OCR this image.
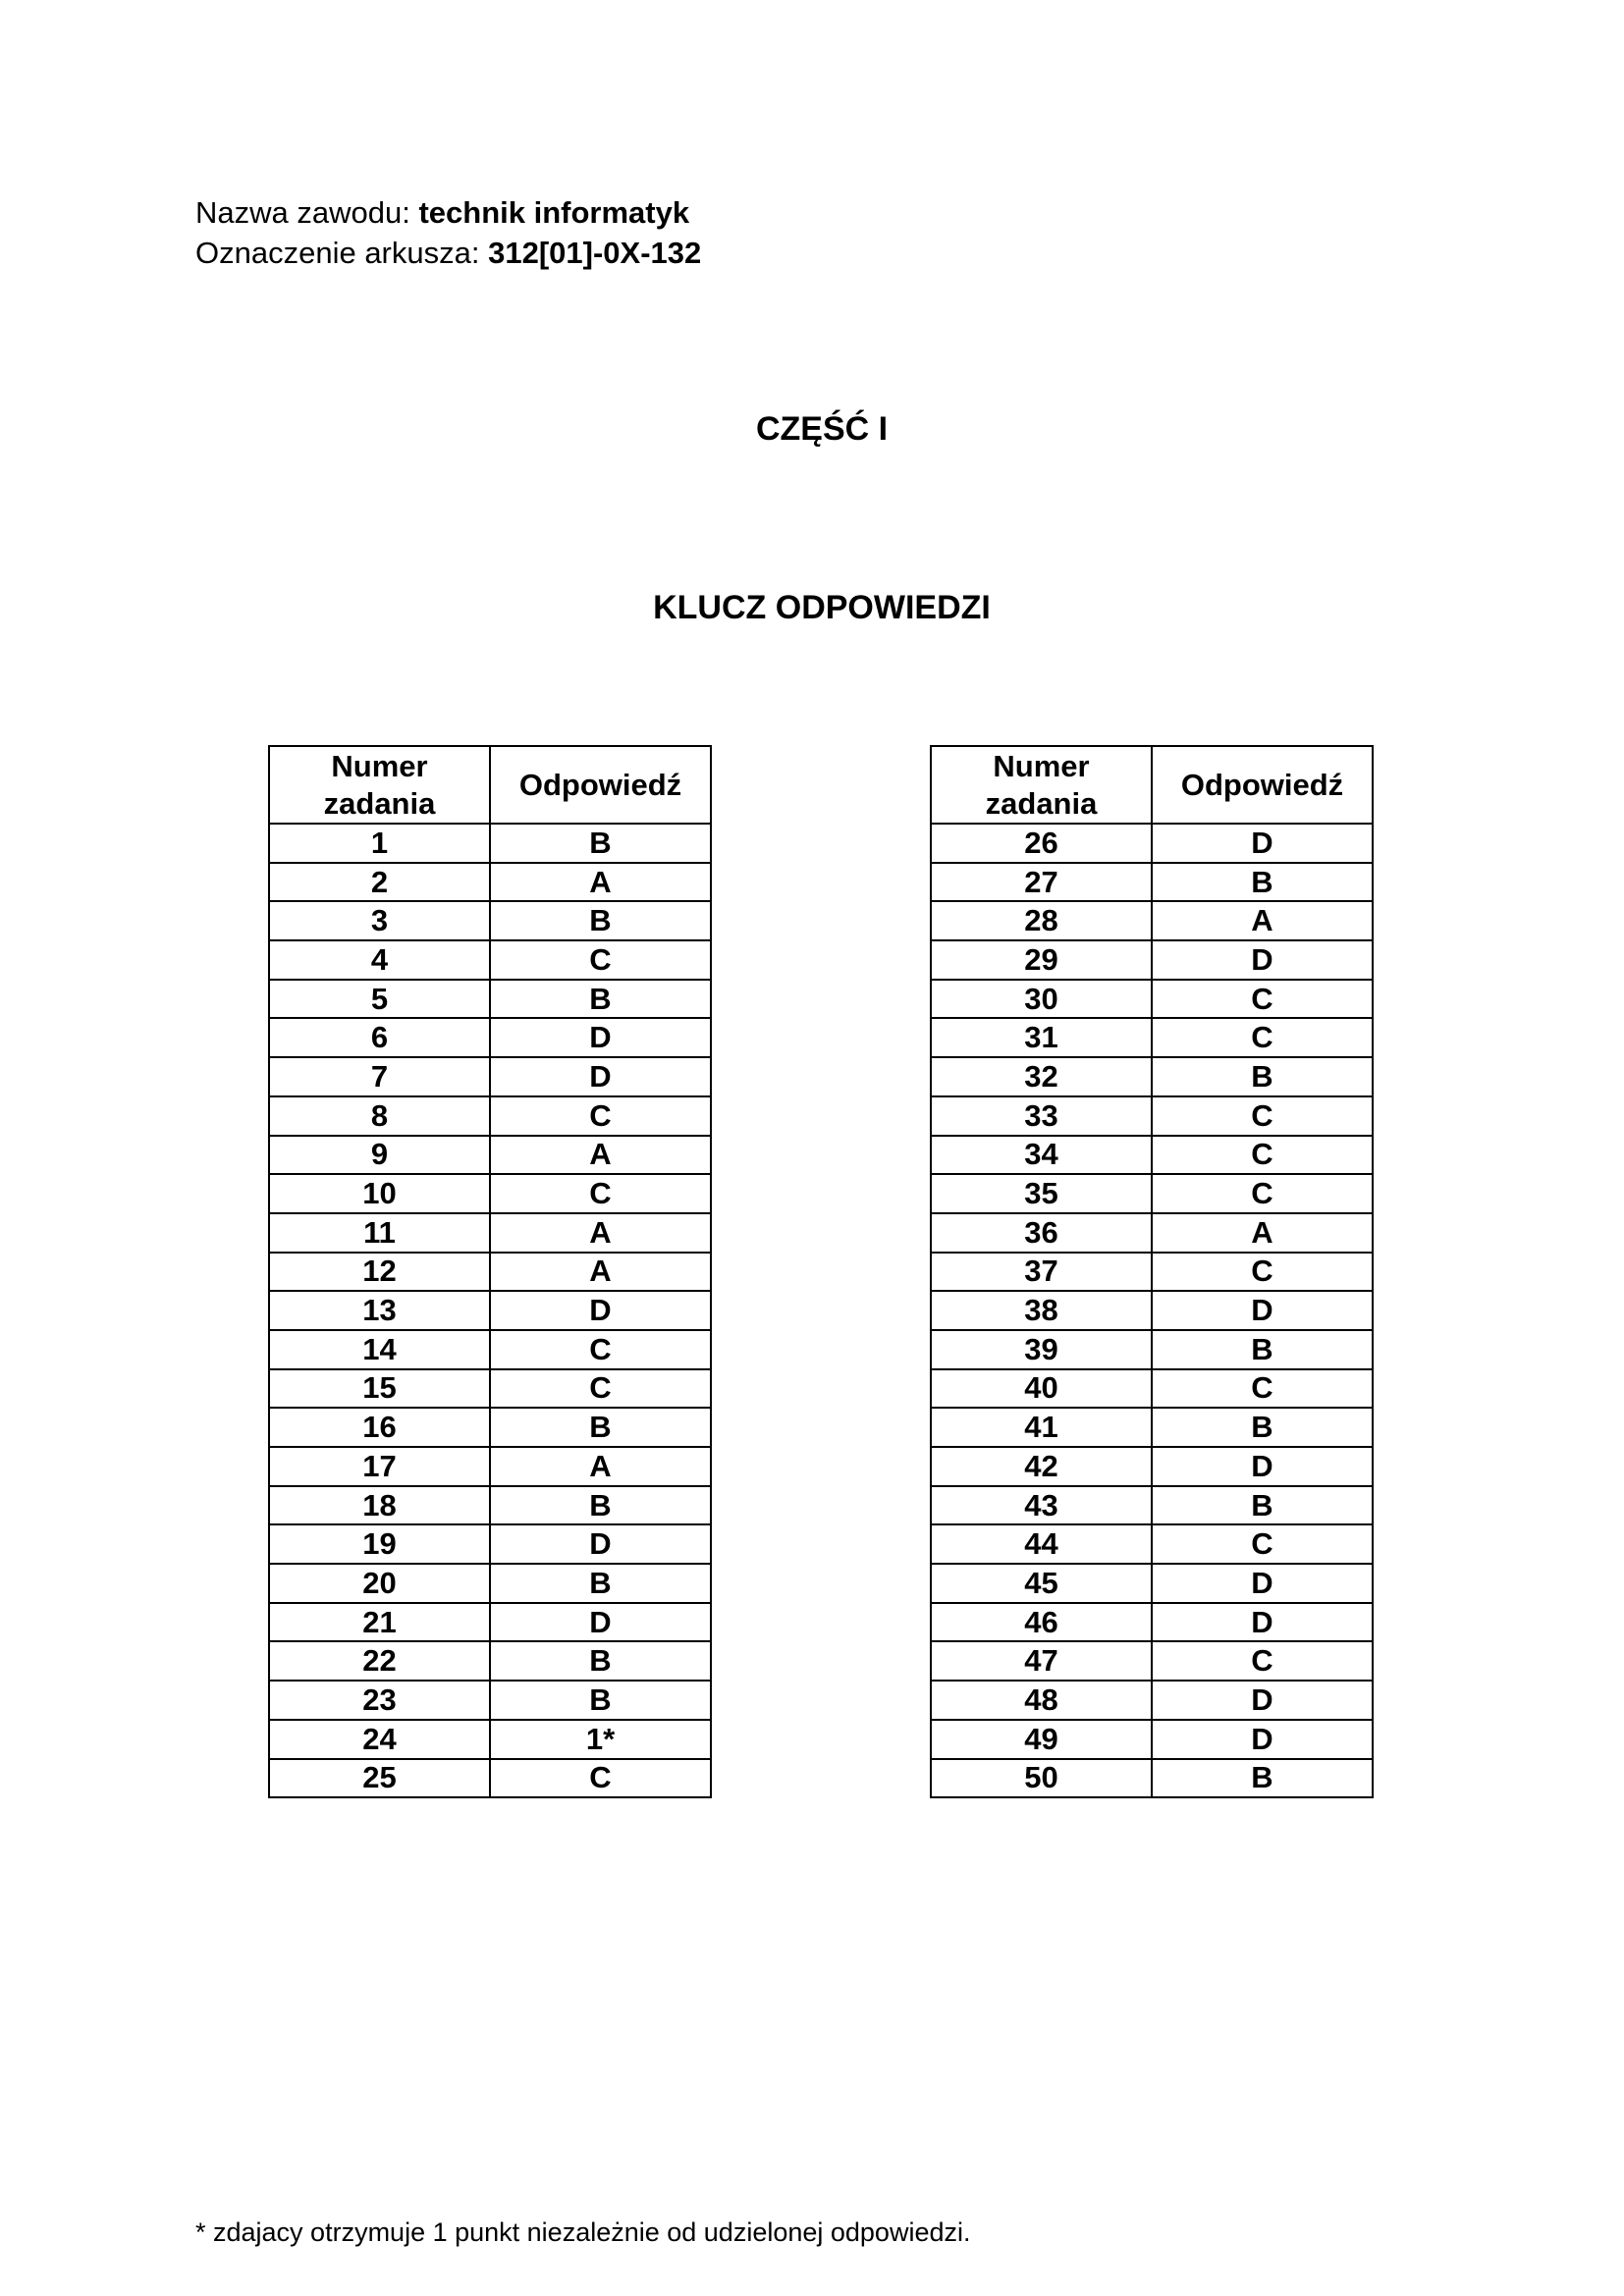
Nazwa zawodu: technik informatyk
Oznaczenie arkusza: 312[01]-0X-132
CZĘŚĆ I
KLUCZ ODPOWIEDZI
Numer
zadania	Odpowiedź
1	B
2	A
3	B
4	C
5	B
6	D
7	D
8	C
9	A
10	C
11	A
12	A
13	D
14	C
15	C
16	B
17	A
18	B
19	D
20	B
21	D
22	B
23	B
24	1*
25	C
Numer
zadania	Odpowiedź
26	D
27	B
28	A
29	D
30	C
31	C
32	B
33	C
34	C
35	C
36	A
37	C
38	D
39	B
40	C
41	B
42	D
43	B
44	C
45	D
46	D
47	C
48	D
49	D
50	B
* zdajacy otrzymuje 1 punkt niezależnie od udzielonej odpowiedzi.
